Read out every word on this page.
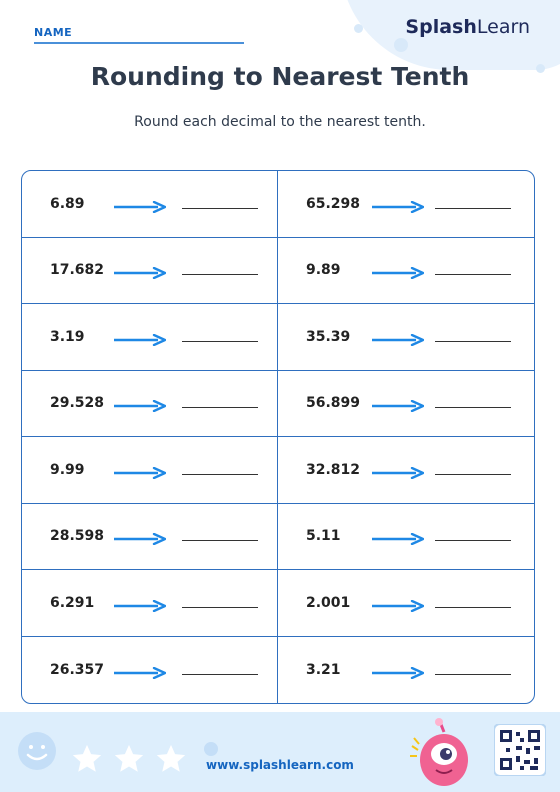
NAME	SplashLearn
Rounding to Nearest Tenth
Round each decimal to the nearest tenth.
6.89	65.298
17.682	9.89
3.19	35.39
29.528	56.899
9.99	32.812
28.598	5.11
6.291	2.001
26.357	3.21
www.splashlearn.com
